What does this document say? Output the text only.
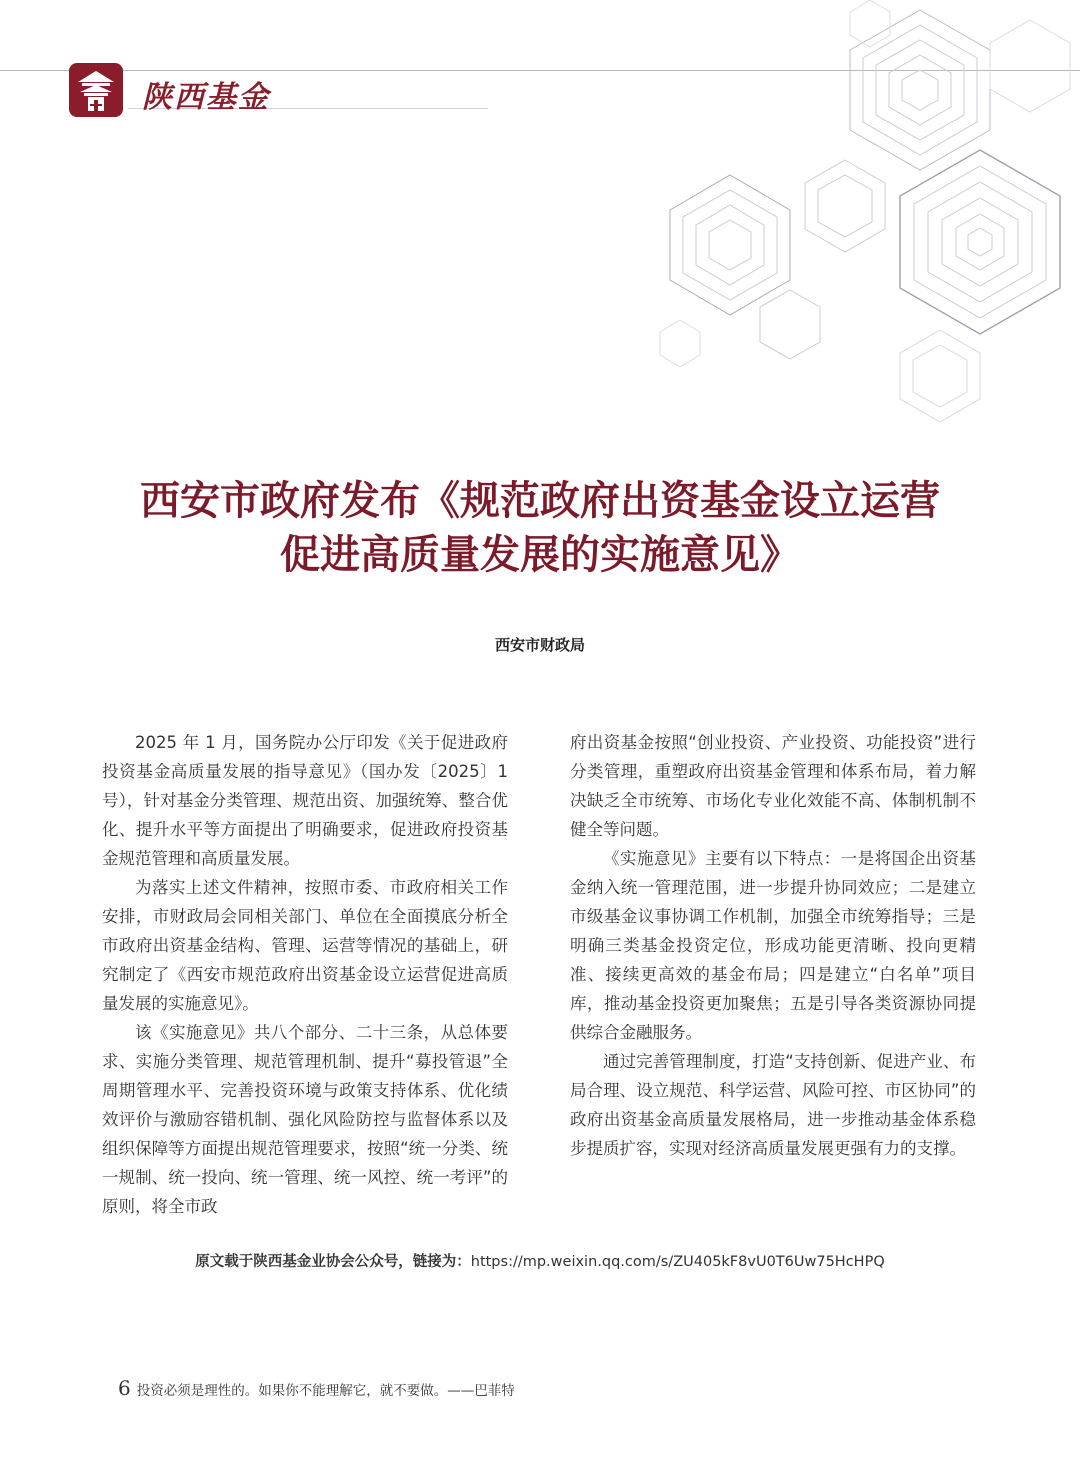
陕西基金
西安市政府发布《规范政府出资基金设立运营
促进高质量发展的实施意见》
西安市财政局

2025 年 1 月，国务院办公厅印发《关于促进政府投资基金高质量发展的指导意见》（国办发〔2025〕1 号），针对基金分类管理、规范出资、加强统筹、整合优化、提升水平等方面提出了明确要求，促进政府投资基金规范管理和高质量发展。

为落实上述文件精神，按照市委、市政府相关工作安排，市财政局会同相关部门、单位在全面摸底分析全市政府出资基金结构、管理、运营等情况的基础上，研究制定了《西安市规范政府出资基金设立运营促进高质量发展的实施意见》。

该《实施意见》共八个部分、二十三条，从总体要求、实施分类管理、规范管理机制、提升“募投管退”全周期管理水平、完善投资环境与政策支持体系、优化绩效评价与激励容错机制、强化风险防控与监督体系以及组织保障等方面提出规范管理要求，按照“统一分类、统一规制、统一投向、统一管理、统一风控、统一考评”的原则，将全市政

府出资基金按照“创业投资、产业投资、功能投资”进行分类管理，重塑政府出资基金管理和体系布局，着力解决缺乏全市统筹、市场化专业化效能不高、体制机制不健全等问题。

《实施意见》主要有以下特点：一是将国企出资基金纳入统一管理范围，进一步提升协同效应；二是建立市级基金议事协调工作机制，加强全市统筹指导；三是明确三类基金投资定位，形成功能更清晰、投向更精准、接续更高效的基金布局；四是建立“白名单”项目库，推动基金投资更加聚焦；五是引导各类资源协同提供综合金融服务。

通过完善管理制度，打造“支持创新、促进产业、布局合理、设立规范、科学运营、风险可控、市区协同”的政府出资基金高质量发展格局，进一步推动基金体系稳步提质扩容，实现对经济高质量发展更强有力的支撑。

原文载于陕西基金业协会公众号，链接为：https://mp.weixin.qq.com/s/ZU405kF8vU0T6Uw75HcHPQ
6 投资必须是理性的。如果你不能理解它，就不要做。——巴菲特
